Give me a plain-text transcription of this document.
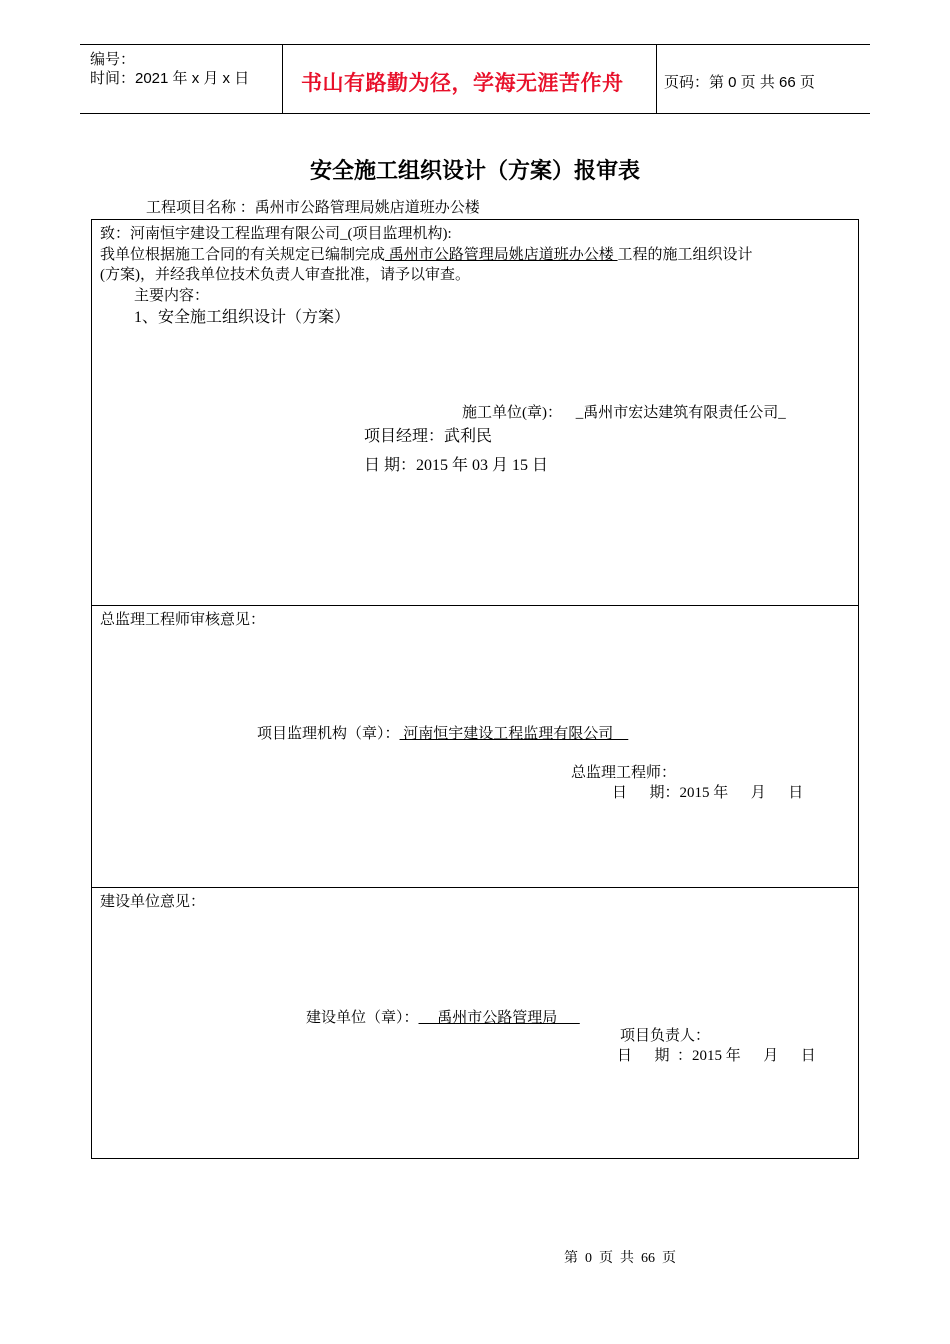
编号：
时间：2021 年 x 月 x 日 书山有路勤为径，学海无涯苦作舟	页码：第 0 页 共 66 页
安全施工组织设计（方案）报审表
工程项目名称 ：禹州市公路管理局姚店道班办公楼
致：河南恒宇建设工程监理有限公司_(项目监理机构):
我单位根据施工合同的有关规定已编制完成 禹州市公路管理局姚店道班办公楼 工程的施工组织设计
(方案)，并经我单位技术负责人审查批准，请予以审查。
主要内容：
1、安全施工组织设计（方案）
施工单位(章)： _禹州市宏达建筑有限责任公司_
项目经理：武利民
日 期：2015 年 03 月 15 日
总监理工程师审核意见：
项目监理机构（章）： 河南恒宇建设工程监理有限公司
总监理工程师：
日      期：2015 年      月      日
建设单位意见：
建设单位（章）：     禹州市公路管理局
项目负责人：
日      期  ：2015 年      月      日
第  0  页  共  66  页
